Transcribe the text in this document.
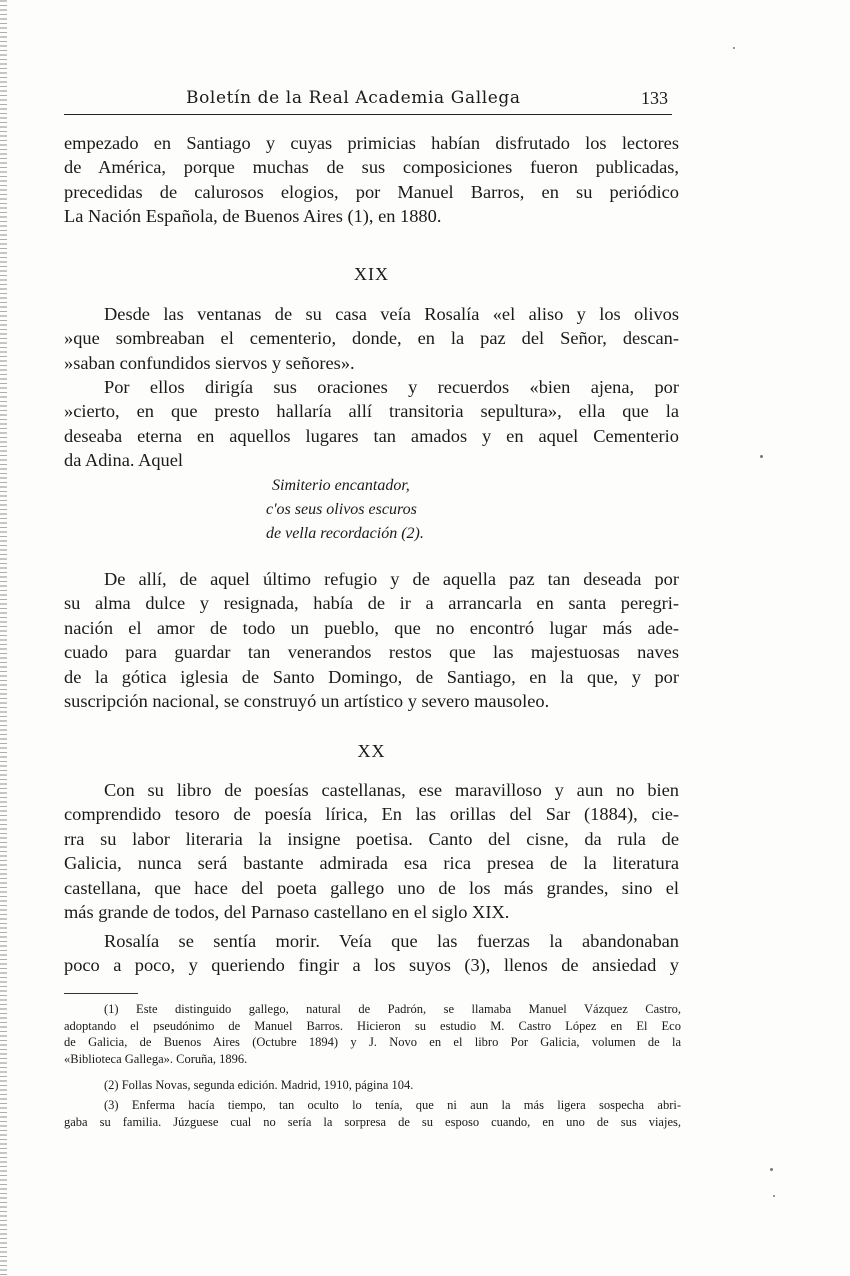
Boletín de la Real Academia Gallega	133

empezado en Santiago y cuyas primicias habían disfrutado los lectores
de América, porque muchas de sus composiciones fueron publicadas,
precedidas de calurosos elogios, por Manuel Barros, en su periódico
La Nación Española, de Buenos Aires (1), en 1880.

XIX

Desde las ventanas de su casa veía Rosalía «el aliso y los olivos
»que sombreaban el cementerio, donde, en la paz del Señor, descan-
»saban confundidos siervos y señores».

Por ellos dirigía sus oraciones y recuerdos «bien ajena, por
»cierto, en que presto hallaría allí transitoria sepultura», ella que la
deseaba eterna en aquellos lugares tan amados y en aquel Cementerio
da Adina. Aquel

Simiterio encantador,
c'os seus olivos escuros
de vella recordación (2).

De allí, de aquel último refugio y de aquella paz tan deseada por
su alma dulce y resignada, había de ir a arrancarla en santa peregri-
nación el amor de todo un pueblo, que no encontró lugar más ade-
cuado para guardar tan venerandos restos que las majestuosas naves
de la gótica iglesia de Santo Domingo, de Santiago, en la que, y por
suscripción nacional, se construyó un artístico y severo mausoleo.

XX

Con su libro de poesías castellanas, ese maravilloso y aun no bien
comprendido tesoro de poesía lírica, En las orillas del Sar (1884), cie-
rra su labor literaria la insigne poetisa. Canto del cisne, da rula de
Galicia, nunca será bastante admirada esa rica presea de la literatura
castellana, que hace del poeta gallego uno de los más grandes, sino el
más grande de todos, del Parnaso castellano en el siglo XIX.

Rosalía se sentía morir. Veía que las fuerzas la abandonaban
poco a poco, y queriendo fingir a los suyos (3), llenos de ansiedad y

(1) Este distinguido gallego, natural de Padrón, se llamaba Manuel Vázquez Castro,
adoptando el pseudónimo de Manuel Barros. Hicieron su estudio M. Castro López en El Eco
de Galicia, de Buenos Aires (Octubre 1894) y J. Novo en el libro Por Galicia, volumen de la
«Biblioteca Gallega». Coruña, 1896.
(2) Follas Novas, segunda edición. Madrid, 1910, página 104.
(3) Enferma hacía tiempo, tan oculto lo tenía, que ni aun la más ligera sospecha abri-
gaba su familia. Júzguese cual no sería la sorpresa de su esposo cuando, en uno de sus viajes,
